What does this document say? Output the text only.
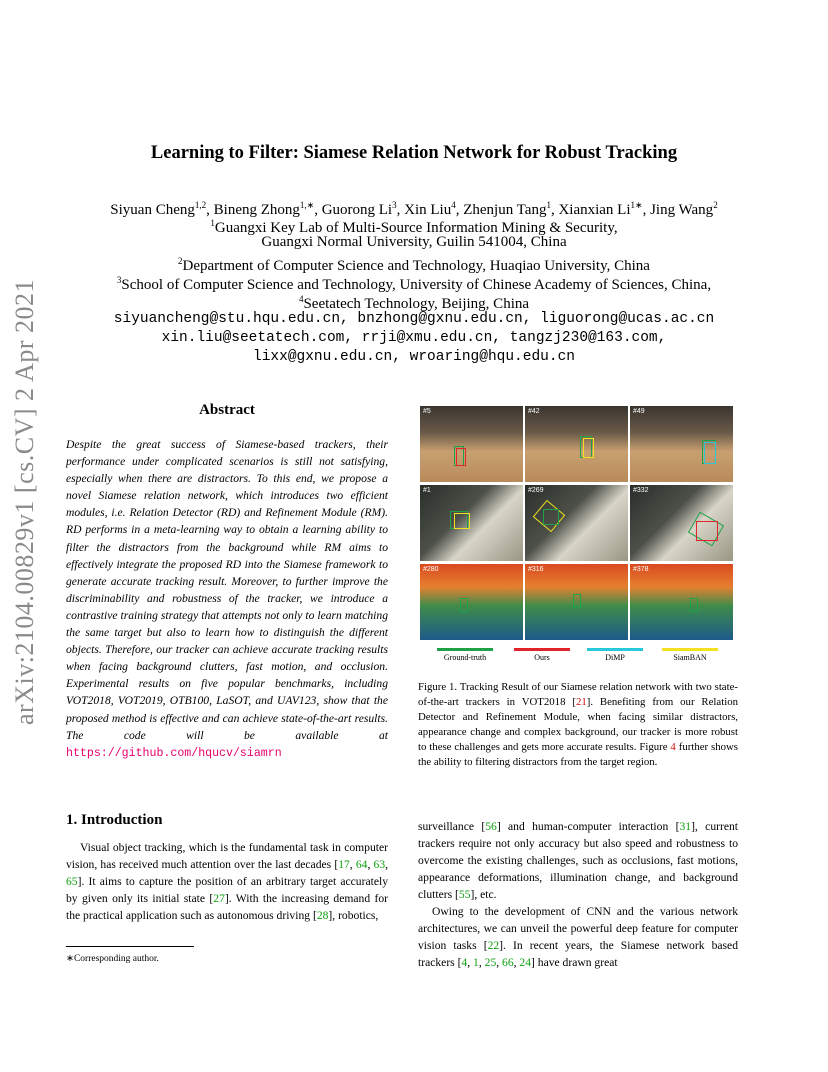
Learning to Filter: Siamese Relation Network for Robust Tracking
Siyuan Cheng$^{1,2}$, Bineng Zhong$^{1,∗}$, Guorong Li$^3$, Xin Liu$^4$, Zhenjun Tang$^1$, Xianxian $Li^{1∗}$, Jing Wang$^2$
$^1$Guangxi Key Lab of Multi-Source Information Mining & Security,
Guangxi Normal University, Guilin 541004, China
$^2$Department of Computer Science and Technology, Huaqiao University, China
$^3$School of Computer Science and Technology, University of Chinese Academy of Sciences, China,
$^4$Seetatech Technology, Beijing, China
siyuancheng@stu.hqu.edu.cn, bnzhong@gxnu.edu.cn, liguorong@ucas.ac.cn
xin.liu@seetatech.com, rrji@xmu.edu.cn, tangzj230@163.com,
lixx@gxnu.edu.cn, wroaring@hqu.edu.cn
arXiv:2104.00829v1 [cs.CV] 2 Apr 2021	Abstract
Despite the great success of Siamese-based trackers, their performance under complicated scenarios is still not satisfying, especially when there are distractors. To this end, we propose a novel Siamese relation network, which introduces two efficient modules, i.e. Relation Detector (RD) and Refinement Module (RM). RD performs in a meta-learning way to obtain a learning ability to filter the distractors from the background while RM aims to effectively integrate the proposed RD into the Siamese framework to generate accurate tracking result. Moreover, to further improve the discriminability and robustness of the tracker, we introduce a contrastive training strategy that attempts not only to learn matching the same target but also to learn how to distinguish the different objects. Therefore, our tracker can achieve accurate tracking results when facing background clutters, fast motion, and occlusion. Experimental results on five popular benchmarks, including VOT2018, VOT2019, OTB100, LaSOT, and UAV123, show that the proposed method is effective and can achieve state-of-the-art results. The code will be available at https://github.com/hqucv/siamrn
1. Introduction
Visual object tracking, which is the fundamental task in computer vision, has received much attention over the last decades [17, 64, 63, 65]. It aims to capture the position of an arbitrary target accurately by given only its initial state [27]. With the increasing demand for the practical application such as autonomous driving [28], robotics,
surveillance [56] and human-computer interaction [31], current trackers require not only accuracy but also speed and robustness to overcome the existing challenges, such as occlusions, fast motions, appearance deformations, illumination change, and background clutters [55], etc.
Owing to the development of CNN and the various network architectures, we can unveil the powerful deep feature for computer vision tasks [22]. In recent years, the Siamese network based trackers [4, 1, 25, 66, 24] have drawn great
#5	#42	#49
#1	#269	#332
#280	#316	#378
Ground-truth	Ours	DiMP	SiamBAN
Figure 1. Tracking Result of our Siamese relation network with two state-of-the-art trackers in VOT2018 [21]. Benefiting from our Relation Detector and Refinement Module, when facing similar distractors, appearance change and complex background, our tracker is more robust to these challenges and gets more accurate results. Figure 4 further shows the ability to filtering distractors from the target region.
∗Corresponding author.
